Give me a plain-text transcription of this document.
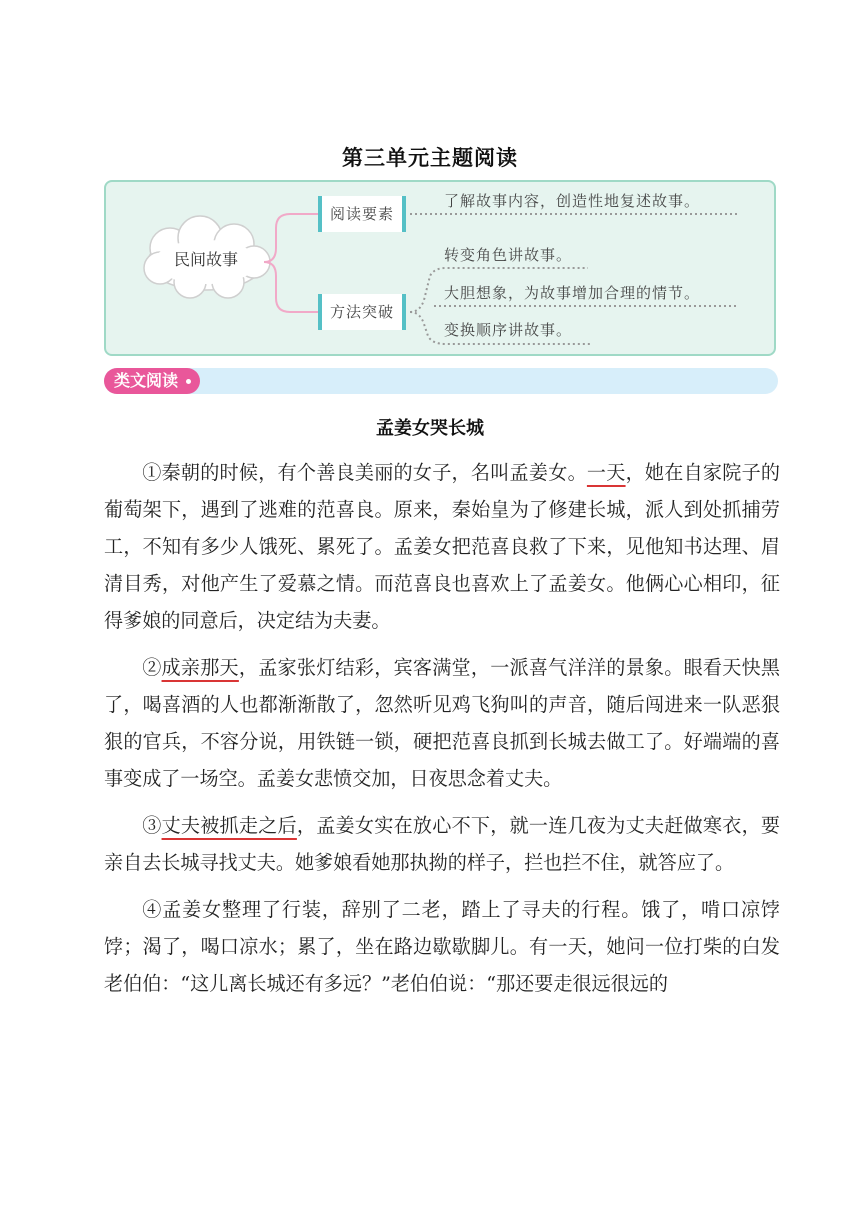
第三单元主题阅读
民间故事
阅读要素
方法突破
了解故事内容，创造性地复述故事。
转变角色讲故事。
大胆想象，为故事增加合理的情节。
变换顺序讲故事。
类文阅读
孟姜女哭长城

①秦朝的时候，有个善良美丽的女子，名叫孟姜女。一天，她在自家院子的葡萄架下，遇到了逃难的范喜良。原来，秦始皇为了修建长城，派人到处抓捕劳工，不知有多少人饿死、累死了。孟姜女把范喜良救了下来，见他知书达理、眉清目秀，对他产生了爱慕之情。而范喜良也喜欢上了孟姜女。他俩心心相印，征得爹娘的同意后，决定结为夫妻。

②成亲那天，孟家张灯结彩，宾客满堂，一派喜气洋洋的景象。眼看天快黑了，喝喜酒的人也都渐渐散了，忽然听见鸡飞狗叫的声音，随后闯进来一队恶狠狠的官兵，不容分说，用铁链一锁，硬把范喜良抓到长城去做工了。好端端的喜事变成了一场空。孟姜女悲愤交加，日夜思念着丈夫。

③丈夫被抓走之后，孟姜女实在放心不下，就一连几夜为丈夫赶做寒衣，要亲自去长城寻找丈夫。她爹娘看她那执拗的样子，拦也拦不住，就答应了。

④孟姜女整理了行装，辞别了二老，踏上了寻夫的行程。饿了，啃口凉饽饽；渴了，喝口凉水；累了，坐在路边歇歇脚儿。有一天，她问一位打柴的白发老伯伯：“这儿离长城还有多远？”老伯伯说：“那还要走很远很远的
